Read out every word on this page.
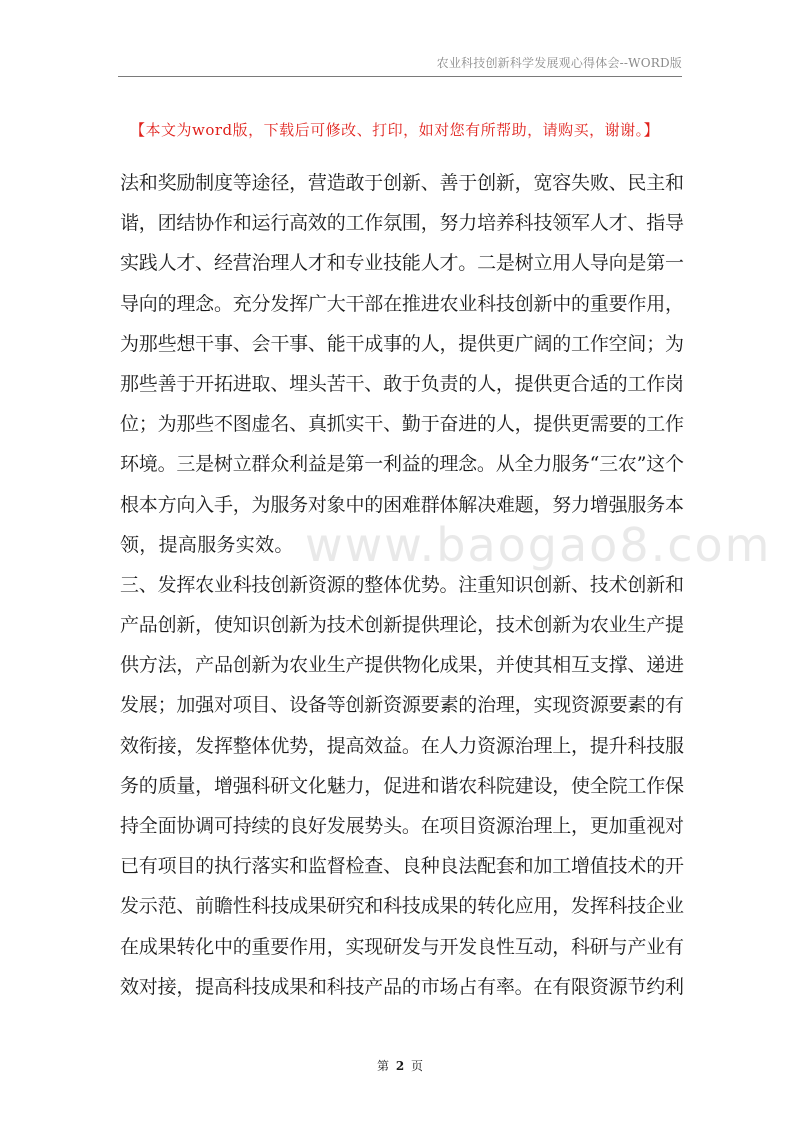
农业科技创新科学发展观心得体会--WORD版
【本文为word版，下载后可修改、打印，如对您有所帮助，请购买，谢谢。】
www.baogao8.com
法和奖励制度等途径，营造敢于创新、善于创新，宽容失败、民主和
谐，团结协作和运行高效的工作氛围，努力培养科技领军人才、指导
实践人才、经营治理人才和专业技能人才。二是树立用人导向是第一
导向的理念。充分发挥广大干部在推进农业科技创新中的重要作用，
为那些想干事、会干事、能干成事的人，提供更广阔的工作空间；为
那些善于开拓进取、埋头苦干、敢于负责的人，提供更合适的工作岗
位；为那些不图虚名、真抓实干、勤于奋进的人，提供更需要的工作
环境。三是树立群众利益是第一利益的理念。从全力服务“三农”这个
根本方向入手，为服务对象中的困难群体解决难题，努力增强服务本
领，提高服务实效。
三、发挥农业科技创新资源的整体优势。注重知识创新、技术创新和
产品创新，使知识创新为技术创新提供理论，技术创新为农业生产提
供方法，产品创新为农业生产提供物化成果，并使其相互支撑、递进
发展；加强对项目、设备等创新资源要素的治理，实现资源要素的有
效衔接，发挥整体优势，提高效益。在人力资源治理上，提升科技服
务的质量，增强科研文化魅力，促进和谐农科院建设，使全院工作保
持全面协调可持续的良好发展势头。在项目资源治理上，更加重视对
已有项目的执行落实和监督检查、良种良法配套和加工增值技术的开
发示范、前瞻性科技成果研究和科技成果的转化应用，发挥科技企业
在成果转化中的重要作用，实现研发与开发良性互动，科研与产业有
效对接，提高科技成果和科技产品的市场占有率。在有限资源节约利
第 2 页
